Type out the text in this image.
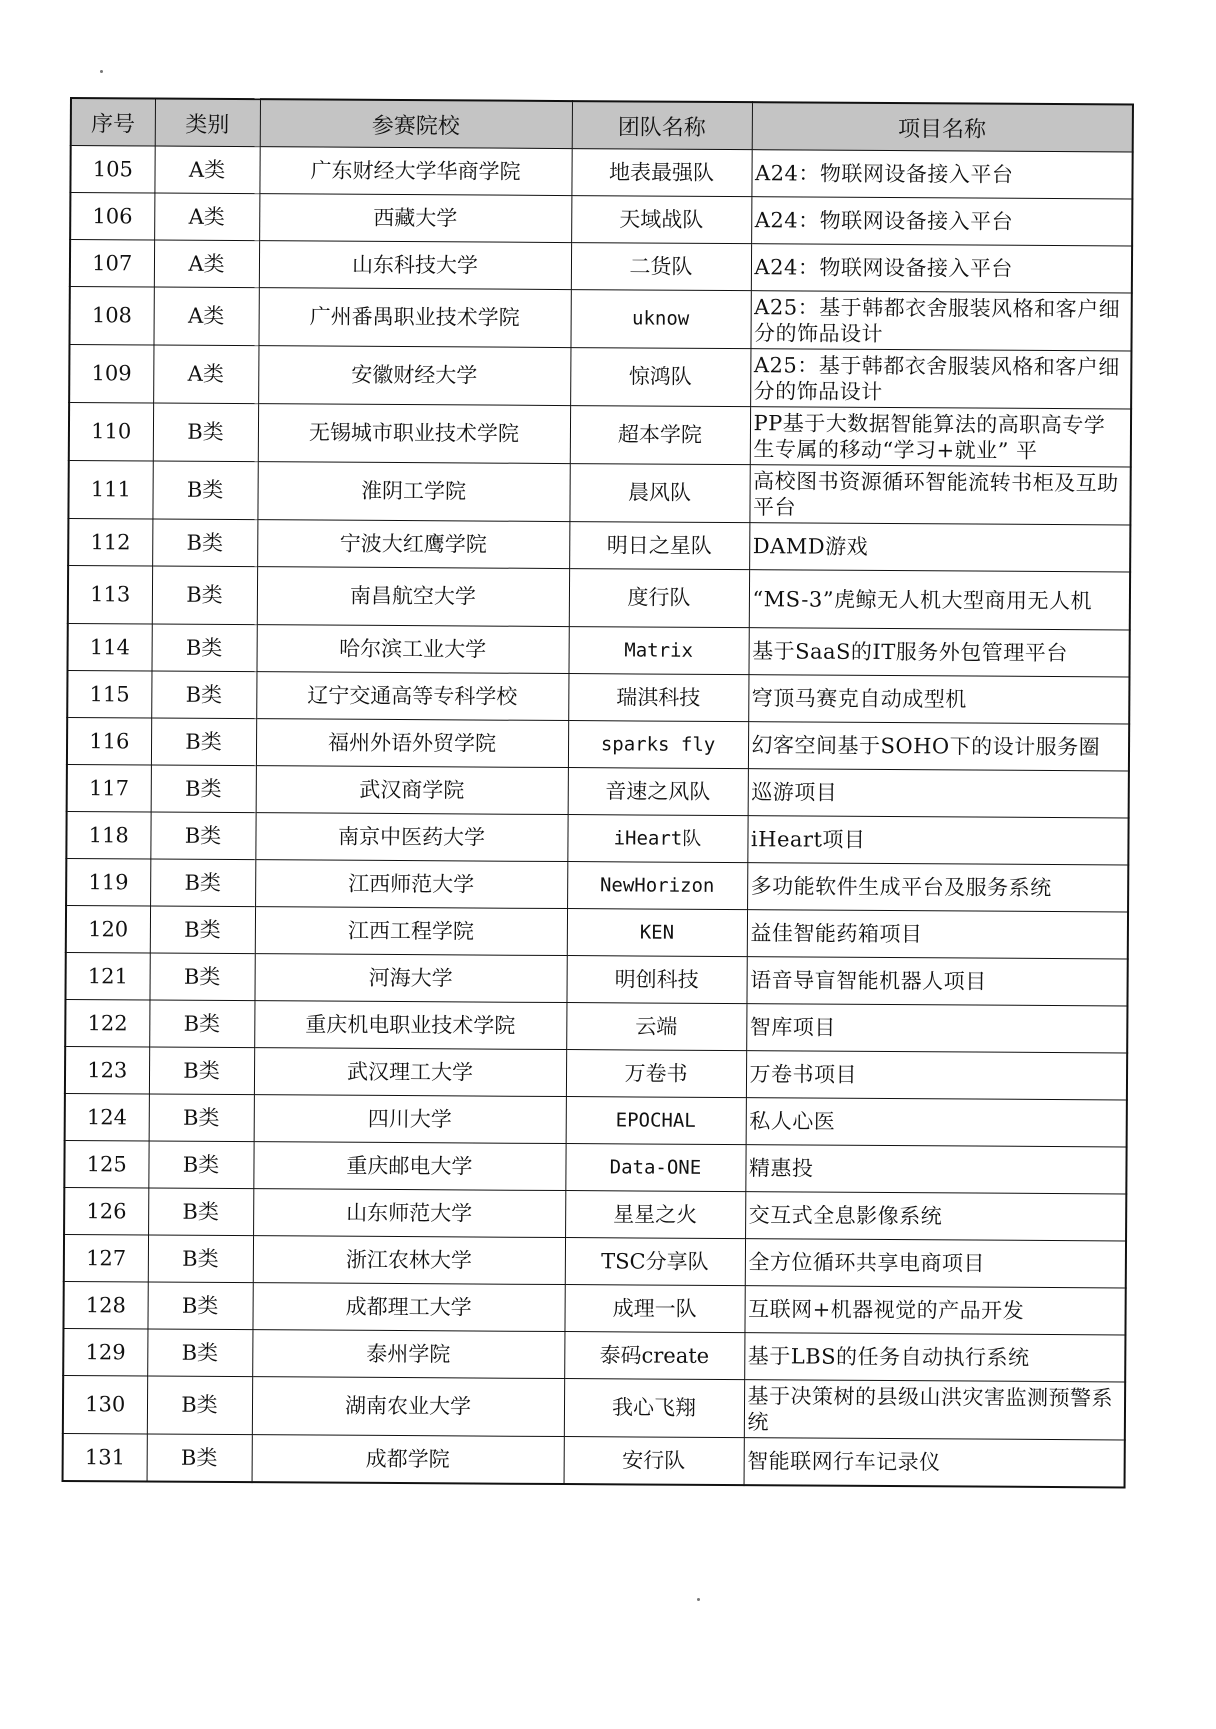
序号	类别	参赛院校	团队名称	项目名称
105	A类	广东财经大学华商学院	地表最强队	A24：物联网设备接入平台
106	A类	西藏大学	天域战队	A24：物联网设备接入平台
107	A类	山东科技大学	二货队	A24：物联网设备接入平台
108	A类	广州番禺职业技术学院	uknow	A25：基于韩都衣舍服装风格和客户细分的饰品设计
109	A类	安徽财经大学	惊鸿队	A25：基于韩都衣舍服装风格和客户细分的饰品设计
110	B类	无锡城市职业技术学院	超本学院	PP基于大数据智能算法的高职高专学生专属的移动“学习+就业” 平
111	B类	淮阴工学院	晨风队	高校图书资源循环智能流转书柜及互助平台
112	B类	宁波大红鹰学院	明日之星队	DAMD游戏
113	B类	南昌航空大学	度行队	“MS-3”虎鲸无人机大型商用无人机
114	B类	哈尔滨工业大学	Matrix	基于SaaS的IT服务外包管理平台
115	B类	辽宁交通高等专科学校	瑞淇科技	穹顶马赛克自动成型机
116	B类	福州外语外贸学院	sparks fly	幻客空间基于SOHO下的设计服务圈
117	B类	武汉商学院	音速之风队	巡游项目
118	B类	南京中医药大学	iHeart队	iHeart项目
119	B类	江西师范大学	NewHorizon	多功能软件生成平台及服务系统
120	B类	江西工程学院	KEN	益佳智能药箱项目
121	B类	河海大学	明创科技	语音导盲智能机器人项目
122	B类	重庆机电职业技术学院	云端	智库项目
123	B类	武汉理工大学	万卷书	万卷书项目
124	B类	四川大学	EPOCHAL	私人心医
125	B类	重庆邮电大学	Data-ONE	精惠投
126	B类	山东师范大学	星星之火	交互式全息影像系统
127	B类	浙江农林大学	TSC分享队	全方位循环共享电商项目
128	B类	成都理工大学	成理一队	互联网+机器视觉的产品开发
129	B类	泰州学院	泰码create	基于LBS的任务自动执行系统
130	B类	湖南农业大学	我心飞翔	基于决策树的县级山洪灾害监测预警系统
131	B类	成都学院	安行队	智能联网行车记录仪
